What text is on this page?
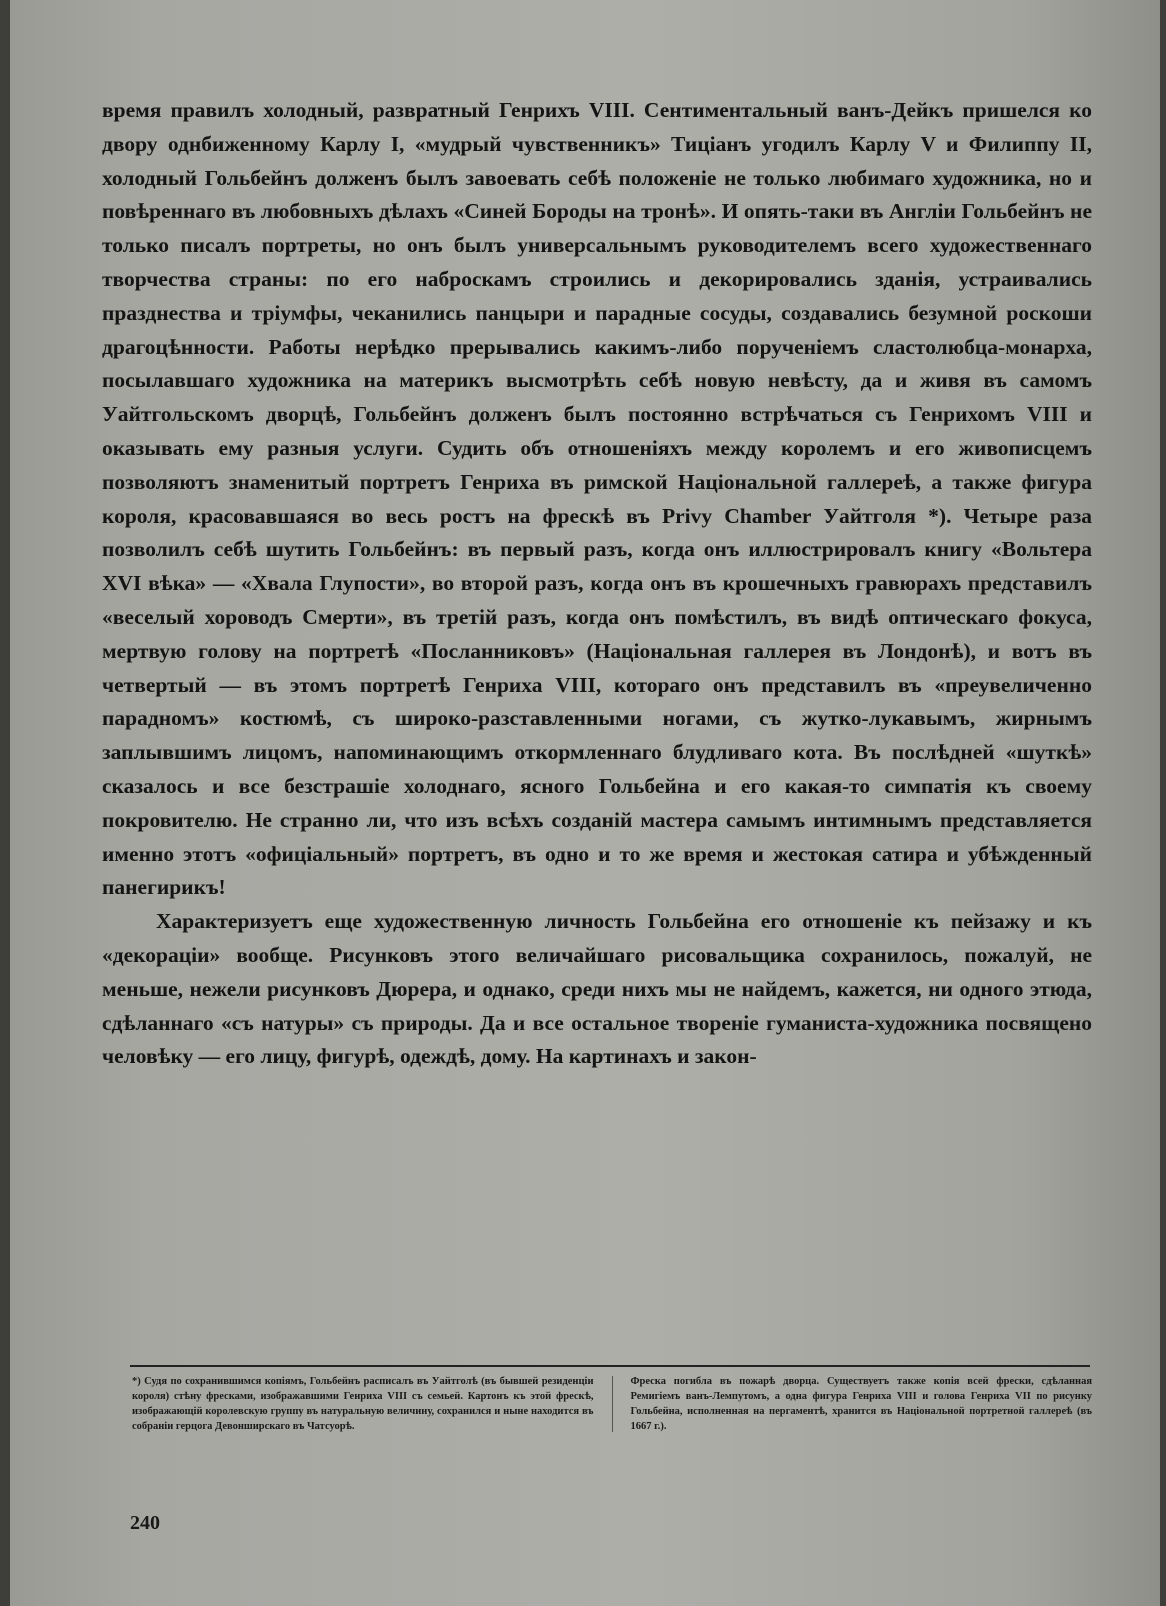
время правилъ холодный, развратный Генрихъ VIII. Сентиментальный ванъ-Дейкъ пришелся ко двору однбиженному Карлу I, «мудрый чувственникъ» Тиціанъ угодилъ Карлу V и Филиппу II, холодный Гольбейнъ долженъ былъ завоевать себѣ положеніе не только любимаго художника, но и повѣреннаго въ любовныхъ дѣлахъ «Синей Бороды на тронѣ». И опять-таки въ Англіи Гольбейнъ не только писалъ портреты, но онъ былъ универсальнымъ руководителемъ всего художественнаго творчества страны: по его наброскамъ строились и декорировались зданія, устраивались празднества и тріумфы, чеканились панцыри и парадные сосуды, создавались безумной роскоши драгоцѣнности. Работы нерѣдко прерывались какимъ-либо порученіемъ сластолюбца-монарха, посылавшаго художника на материкъ высмотрѣть себѣ новую невѣсту, да и живя въ самомъ Уайтгольскомъ дворцѣ, Гольбейнъ долженъ былъ постоянно встрѣчаться съ Генрихомъ VIII и оказывать ему разныя услуги. Судить объ отношеніяхъ между королемъ и его живописцемъ позволяютъ знаменитый портретъ Генриха въ римской Національной галлереѣ, а также фигура короля, красовавшаяся во весь ростъ на фрескѣ въ Privy Chamber Уайтголя *). Четыре раза позволилъ себѣ шутить Гольбейнъ: въ первый разъ, когда онъ иллюстрировалъ книгу «Вольтера XVI вѣка» — «Хвала Глупости», во второй разъ, когда онъ въ крошечныхъ гравюрахъ представилъ «веселый хороводъ Смерти», въ третій разъ, когда онъ помѣстилъ, въ видѣ оптическаго фокуса, мертвую голову на портретѣ «Посланниковъ» (Національная галлерея въ Лондонѣ), и вотъ въ четвертый — въ этомъ портретѣ Генриха VIII, котораго онъ представилъ въ «преувеличенно парадномъ» костюмѣ, съ широко-разставленными ногами, съ жутко-лукавымъ, жирнымъ заплывшимъ лицомъ, напоминающимъ откормленнаго блудливаго кота. Въ послѣдней «шуткѣ» сказалось и все безстрашіе холоднаго, ясного Гольбейна и его какая-то симпатія къ своему покровителю. Не странно ли, что изъ всѣхъ созданій мастера самымъ интимнымъ представляется именно этотъ «офиціальный» портретъ, въ одно и то же время и жестокая сатира и убѣжденный панегирикъ!

Характеризуетъ еще художественную личность Гольбейна его отношеніе къ пейзажу и къ «декораціи» вообще. Рисунковъ этого величайшаго рисовальщика сохранилось, пожалуй, не меньше, нежели рисунковъ Дюрера, и однако, среди нихъ мы не найдемъ, кажется, ни одного этюда, сдѣланнаго «съ натуры» съ природы. Да и все остальное твореніе гуманиста-художника посвящено человѣку — его лицу, фигурѣ, одеждѣ, дому. На картинахъ и закон-

*) Судя по сохранившимся копіямъ, Гольбейнъ расписалъ въ Уайтголѣ (въ бывшей резиденціи короля) стѣну фресками, изображавшими Генриха VIII съ семьей. Картонъ къ этой фрескѣ, изображающій королевскую группу въ натуральную величину, сохранился и ныне находится въ собраніи герцога Девонширскаго въ Чатсуорѣ.
Фреска погибла въ пожарѣ дворца. Существуетъ также копія всей фрески, сдѣланная Ремигіемъ ванъ-Лемпутомъ, а одна фигура Генриха VIII и голова Генриха VII по рисунку Гольбейна, исполненная на пергаментѣ, хранится въ Національной портретной галлереѣ (въ 1667 г.).
240
